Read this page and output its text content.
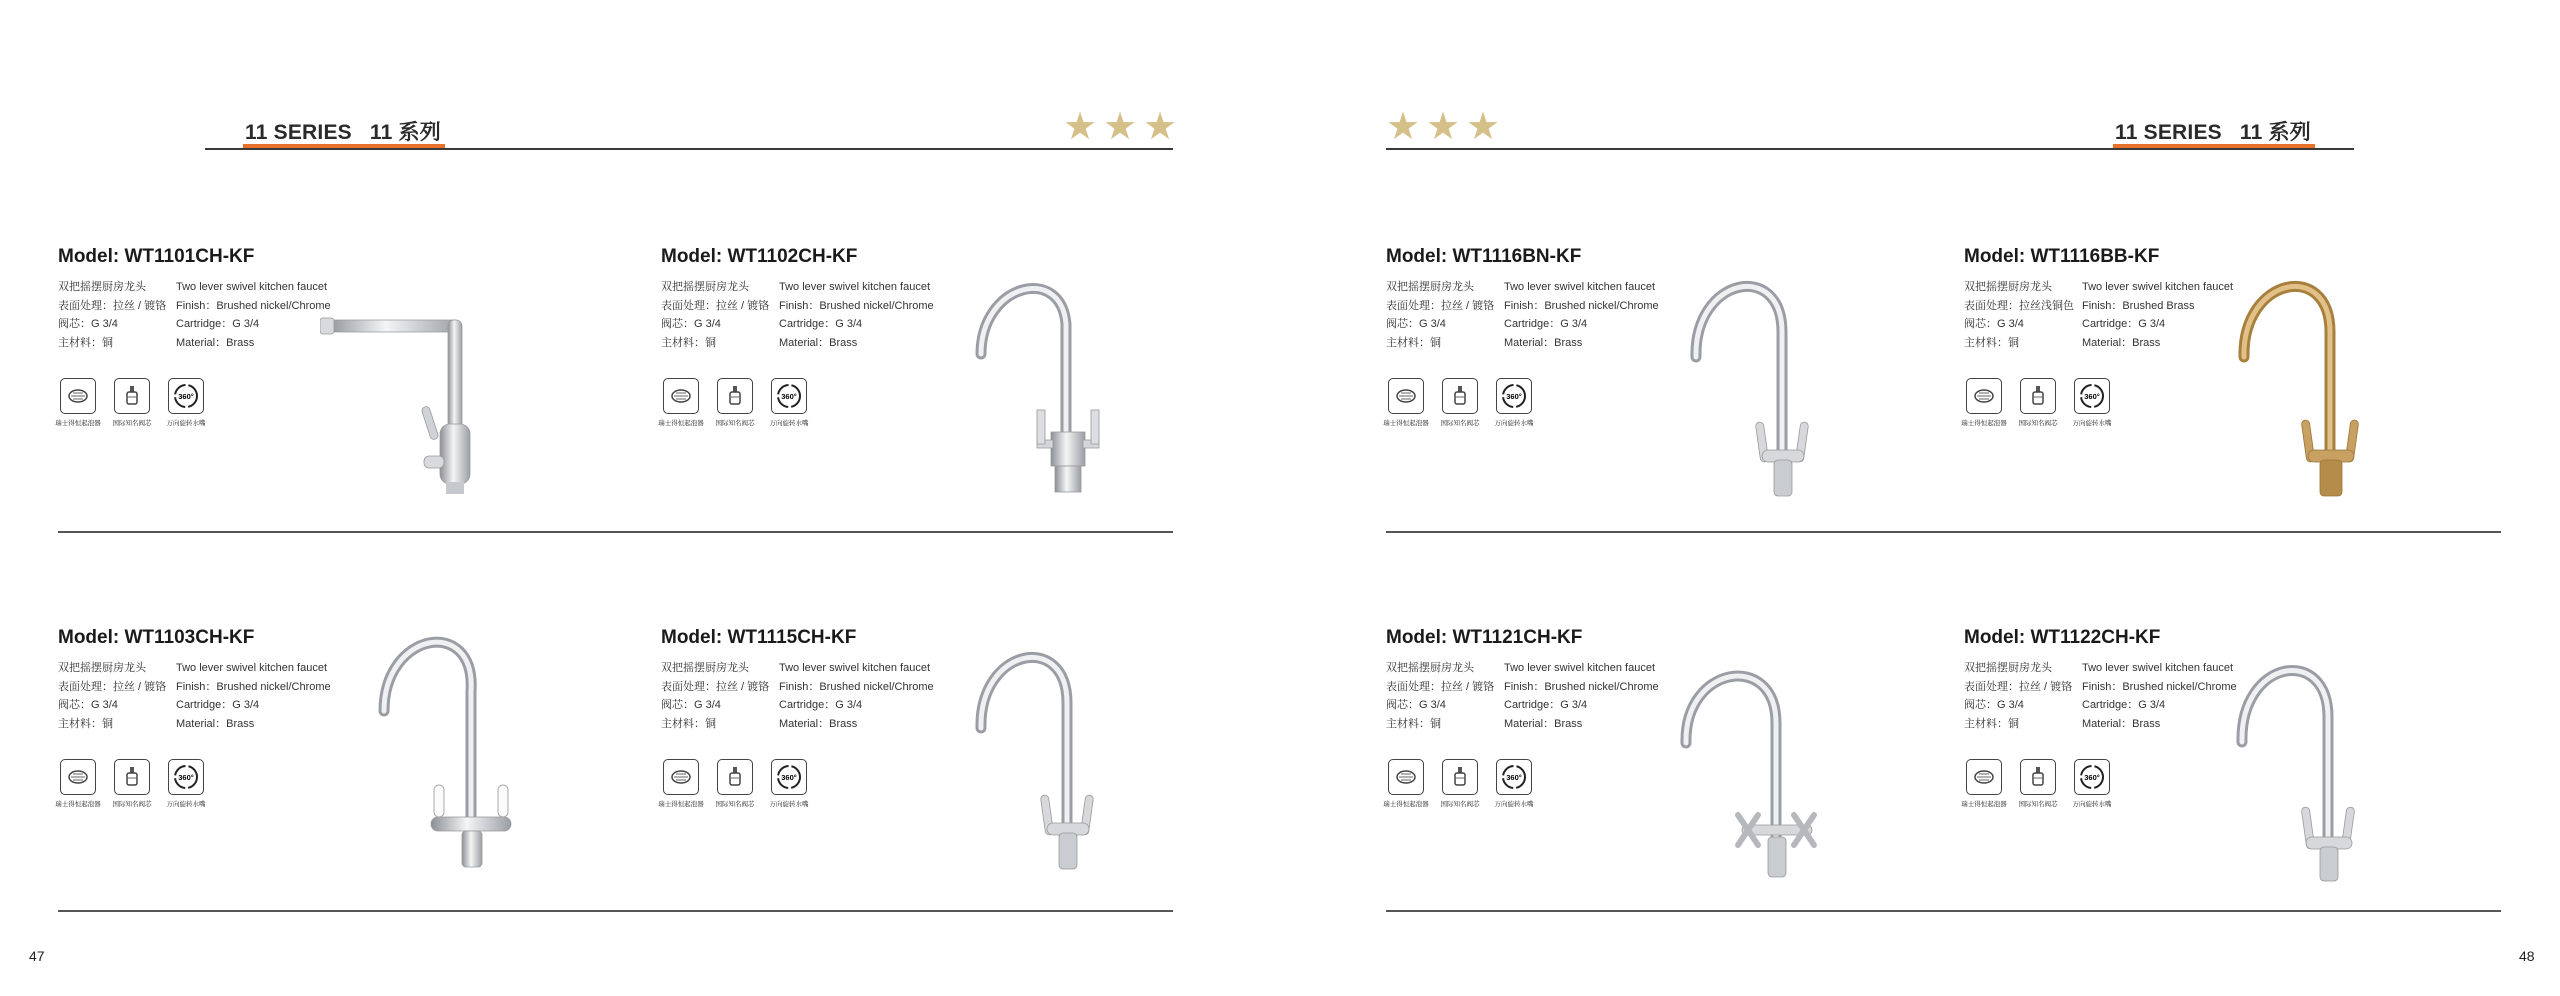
11 SERIES 11 系列	★ ★ ★
Model: WT1101CH-KF
双把摇摆厨房龙头	Two lever swivel kitchen faucet
表面处理：拉丝 / 镀铬 Finish：Brushed nickel/Chrome
阀芯：G 3/4	Cartridge：G 3/4
主材料：铜	Material：Brass
瑞士得恒起泡器 国际知名阀芯
360°
万向旋转水嘴
Model: WT1102CH-KF
双把摇摆厨房龙头	Two lever swivel kitchen faucet
表面处理：拉丝 / 镀铬 Finish：Brushed nickel/Chrome
阀芯：G 3/4	Cartridge：G 3/4
主材料：铜	Material：Brass
瑞士得恒起泡器 国际知名阀芯
360°
万向旋转水嘴
Model: WT1103CH-KF
双把摇摆厨房龙头	Two lever swivel kitchen faucet
表面处理：拉丝 / 镀铬 Finish：Brushed nickel/Chrome
阀芯：G 3/4	Cartridge：G 3/4
主材料：铜	Material：Brass
瑞士得恒起泡器 国际知名阀芯
360°
万向旋转水嘴
Model: WT1115CH-KF
双把摇摆厨房龙头	Two lever swivel kitchen faucet
表面处理：拉丝 / 镀铬 Finish：Brushed nickel/Chrome
阀芯：G 3/4	Cartridge：G 3/4
主材料：铜	Material：Brass
瑞士得恒起泡器 国际知名阀芯
360°
万向旋转水嘴
47
★ ★ ★	11 SERIES 11 系列
Model: WT1116BN-KF
双把摇摆厨房龙头	Two lever swivel kitchen faucet
表面处理：拉丝 / 镀铬 Finish：Brushed nickel/Chrome
阀芯：G 3/4	Cartridge：G 3/4
主材料：铜	Material：Brass
瑞士得恒起泡器 国际知名阀芯
360°
万向旋转水嘴
Model: WT1116BB-KF
双把摇摆厨房龙头	Two lever swivel kitchen faucet
表面处理：拉丝浅铜色 Finish：Brushed Brass
阀芯：G 3/4	Cartridge：G 3/4
主材料：铜	Material：Brass
瑞士得恒起泡器 国际知名阀芯
360°
万向旋转水嘴
Model: WT1121CH-KF
双把摇摆厨房龙头	Two lever swivel kitchen faucet
表面处理：拉丝 / 镀铬 Finish：Brushed nickel/Chrome
阀芯：G 3/4	Cartridge：G 3/4
主材料：铜	Material：Brass
瑞士得恒起泡器 国际知名阀芯
360°
万向旋转水嘴
Model: WT1122CH-KF
双把摇摆厨房龙头	Two lever swivel kitchen faucet
表面处理：拉丝 / 镀铬 Finish：Brushed nickel/Chrome
阀芯：G 3/4	Cartridge：G 3/4
主材料：铜	Material：Brass
瑞士得恒起泡器 国际知名阀芯
360°
万向旋转水嘴
48
